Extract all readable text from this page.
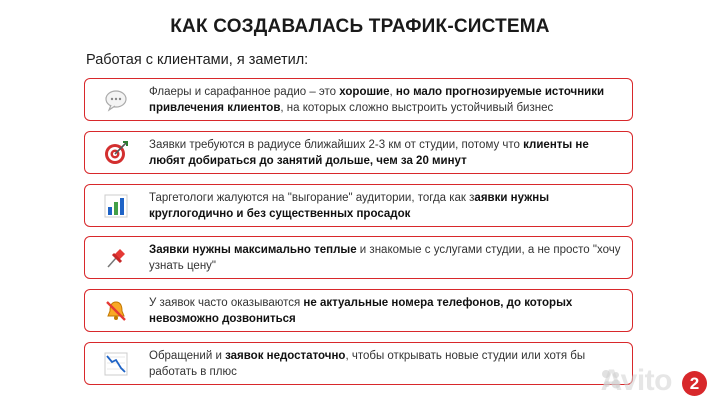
КАК СОЗДАВАЛАСЬ ТРАФИК-СИСТЕМА
Работая с клиентами, я заметил:
Флаеры и сарафанное радио – это хорошие, но мало прогнозируемые источники привлечения клиентов, на которых сложно выстроить устойчивый бизнес
Заявки требуются в радиусе ближайших 2-3 км от студии, потому что клиенты не любят добираться до занятий дольше, чем за 20 минут
Таргетологи жалуются на "выгорание" аудитории, тогда как заявки нужны круглогодично и без существенных просадок
Заявки нужны максимально теплые и знакомые с услугами студии, а не просто "хочу узнать цену"
У заявок часто оказываются не актуальные номера телефонов, до которых невозможно дозвониться
Обращений и заявок недостаточно, чтобы открывать новые студии или хотя бы работать в плюс	Avito	2
